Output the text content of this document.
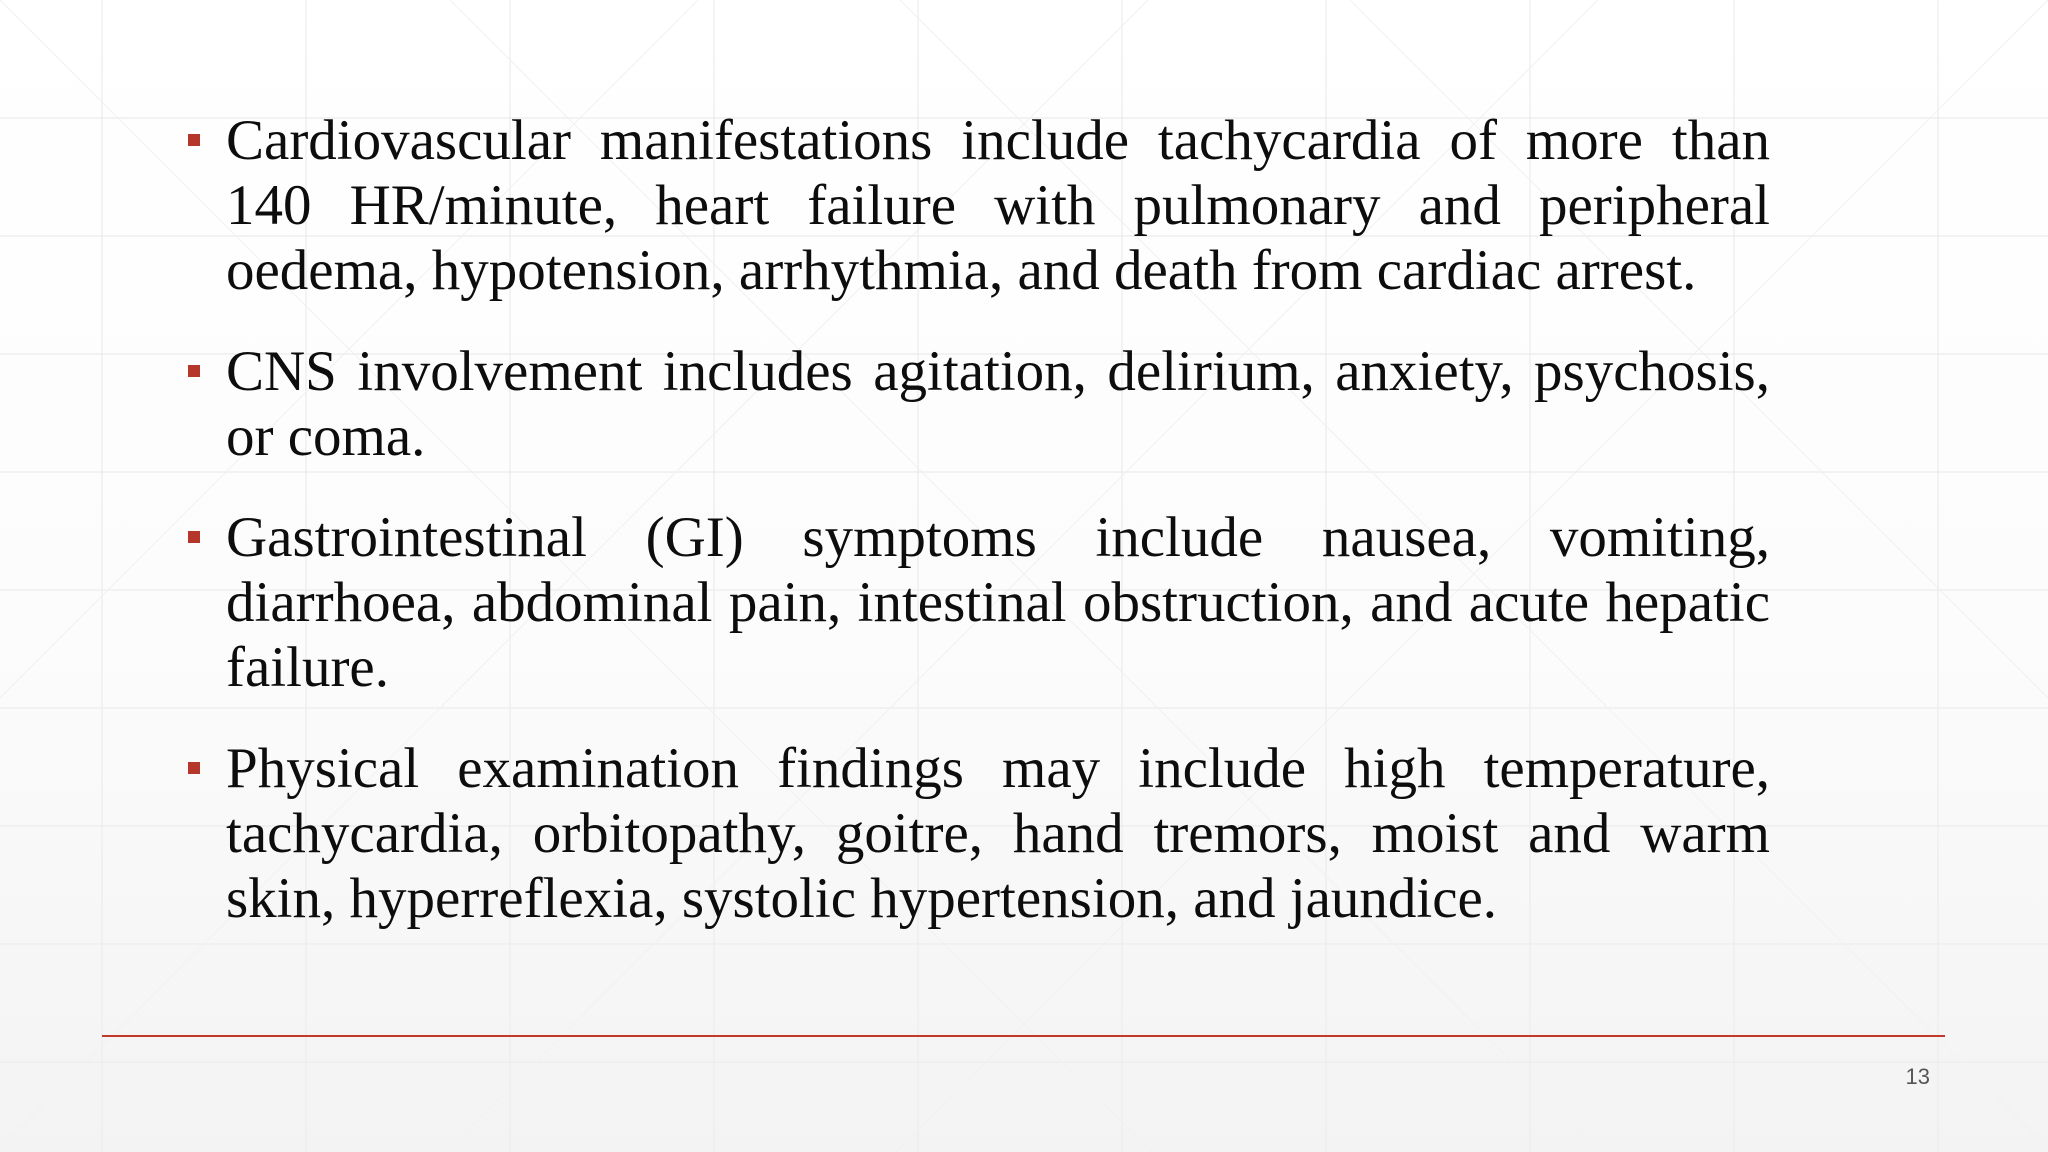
Cardiovascular manifestations include tachycardia of more than 140 HR/minute, heart failure with pulmonary and peripheral oedema, hypotension, arrhythmia, and death from cardiac arrest.
CNS involvement includes agitation, delirium, anxiety, psychosis, or coma.
Gastrointestinal (GI) symptoms include nausea, vomiting, diarrhoea, abdominal pain, intestinal obstruction, and acute hepatic failure.
Physical examination findings may include high temperature, tachycardia, orbitopathy, goitre, hand tremors, moist and warm skin, hyperreflexia, systolic hypertension, and jaundice.
13
